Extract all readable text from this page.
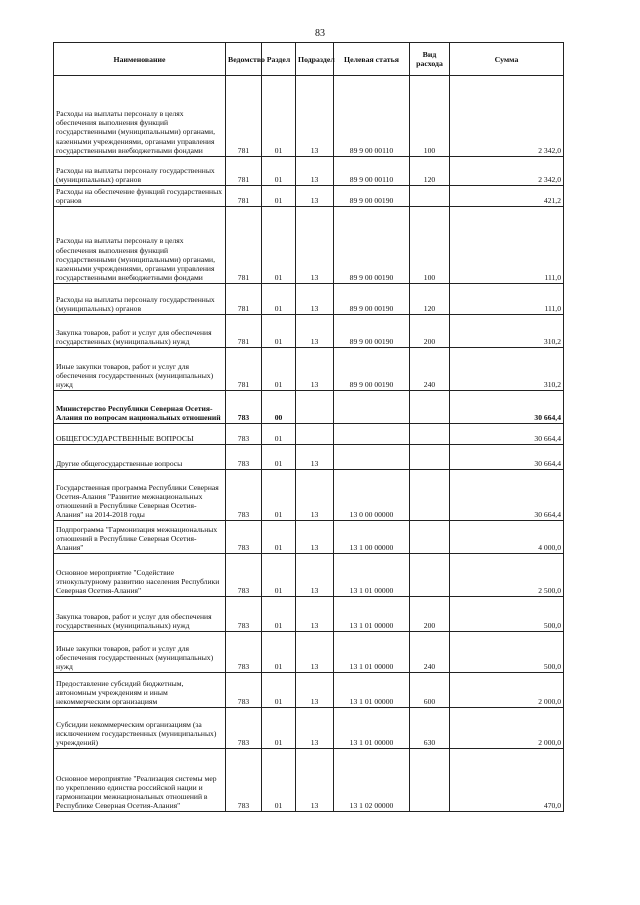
83
Наименование	Ведомство	Раздел	Подраздел	Целевая статья	Вид расхода	Сумма
Расходы на выплаты персоналу в целях обеспечения выполнения функций государственными (муниципальными) органами, казенными учреждениями, органами управления государственными внебюджетными фондами	781	01	13	89 9 00 00110	100	2 342,0
Расходы на выплаты персоналу государственных (муниципальных) органов	781	01	13	89 9 00 00110	120	2 342,0
Расходы на обеспечение функций государственных органов	781	01	13	89 9 00 00190		421,2
Расходы на выплаты персоналу в целях обеспечения выполнения функций государственными (муниципальными) органами, казенными учреждениями, органами управления государственными внебюджетными фондами	781	01	13	89 9 00 00190	100	111,0
Расходы на выплаты персоналу государственных (муниципальных) органов	781	01	13	89 9 00 00190	120	111,0
Закупка товаров, работ и услуг для обеспечения государственных (муниципальных) нужд	781	01	13	89 9 00 00190	200	310,2
Иные закупки товаров, работ и услуг для обеспечения государственных (муниципальных) нужд	781	01	13	89 9 00 00190	240	310,2
Министерство Республики Северная Осетия-Алания по вопросам национальных отношений	783	00				30 664,4
ОБЩЕГОСУДАРСТВЕННЫЕ ВОПРОСЫ	783	01				30 664,4
Другие общегосударственные вопросы	783	01	13			30 664,4
Государственная программа Республики Северная Осетия-Алания "Развитие межнациональных отношений в Республике Северная Осетия-Алания" на 2014-2018 годы	783	01	13	13 0 00 00000		30 664,4
Подпрограмма "Гармонизация межнациональных отношений в Республике Северная Осетия-Алания"	783	01	13	13 1 00 00000		4 000,0
Основное мероприятие "Содействие этнокультурному развитию населения Республики Северная Осетия-Алания"	783	01	13	13 1 01 00000		2 500,0
Закупка товаров, работ и услуг для обеспечения государственных (муниципальных) нужд	783	01	13	13 1 01 00000	200	500,0
Иные закупки товаров, работ и услуг для обеспечения государственных (муниципальных) нужд	783	01	13	13 1 01 00000	240	500,0
Предоставление субсидий бюджетным, автономным учреждениям и иным некоммерческим организациям	783	01	13	13 1 01 00000	600	2 000,0
Субсидии некоммерческим организациям (за исключением государственных (муниципальных) учреждений)	783	01	13	13 1 01 00000	630	2 000,0
Основное мероприятие "Реализация системы мер по укреплению единства российской нации и гармонизации межнациональных отношений в Республике Северная Осетия-Алания"	783	01	13	13 1 02 00000		470,0
